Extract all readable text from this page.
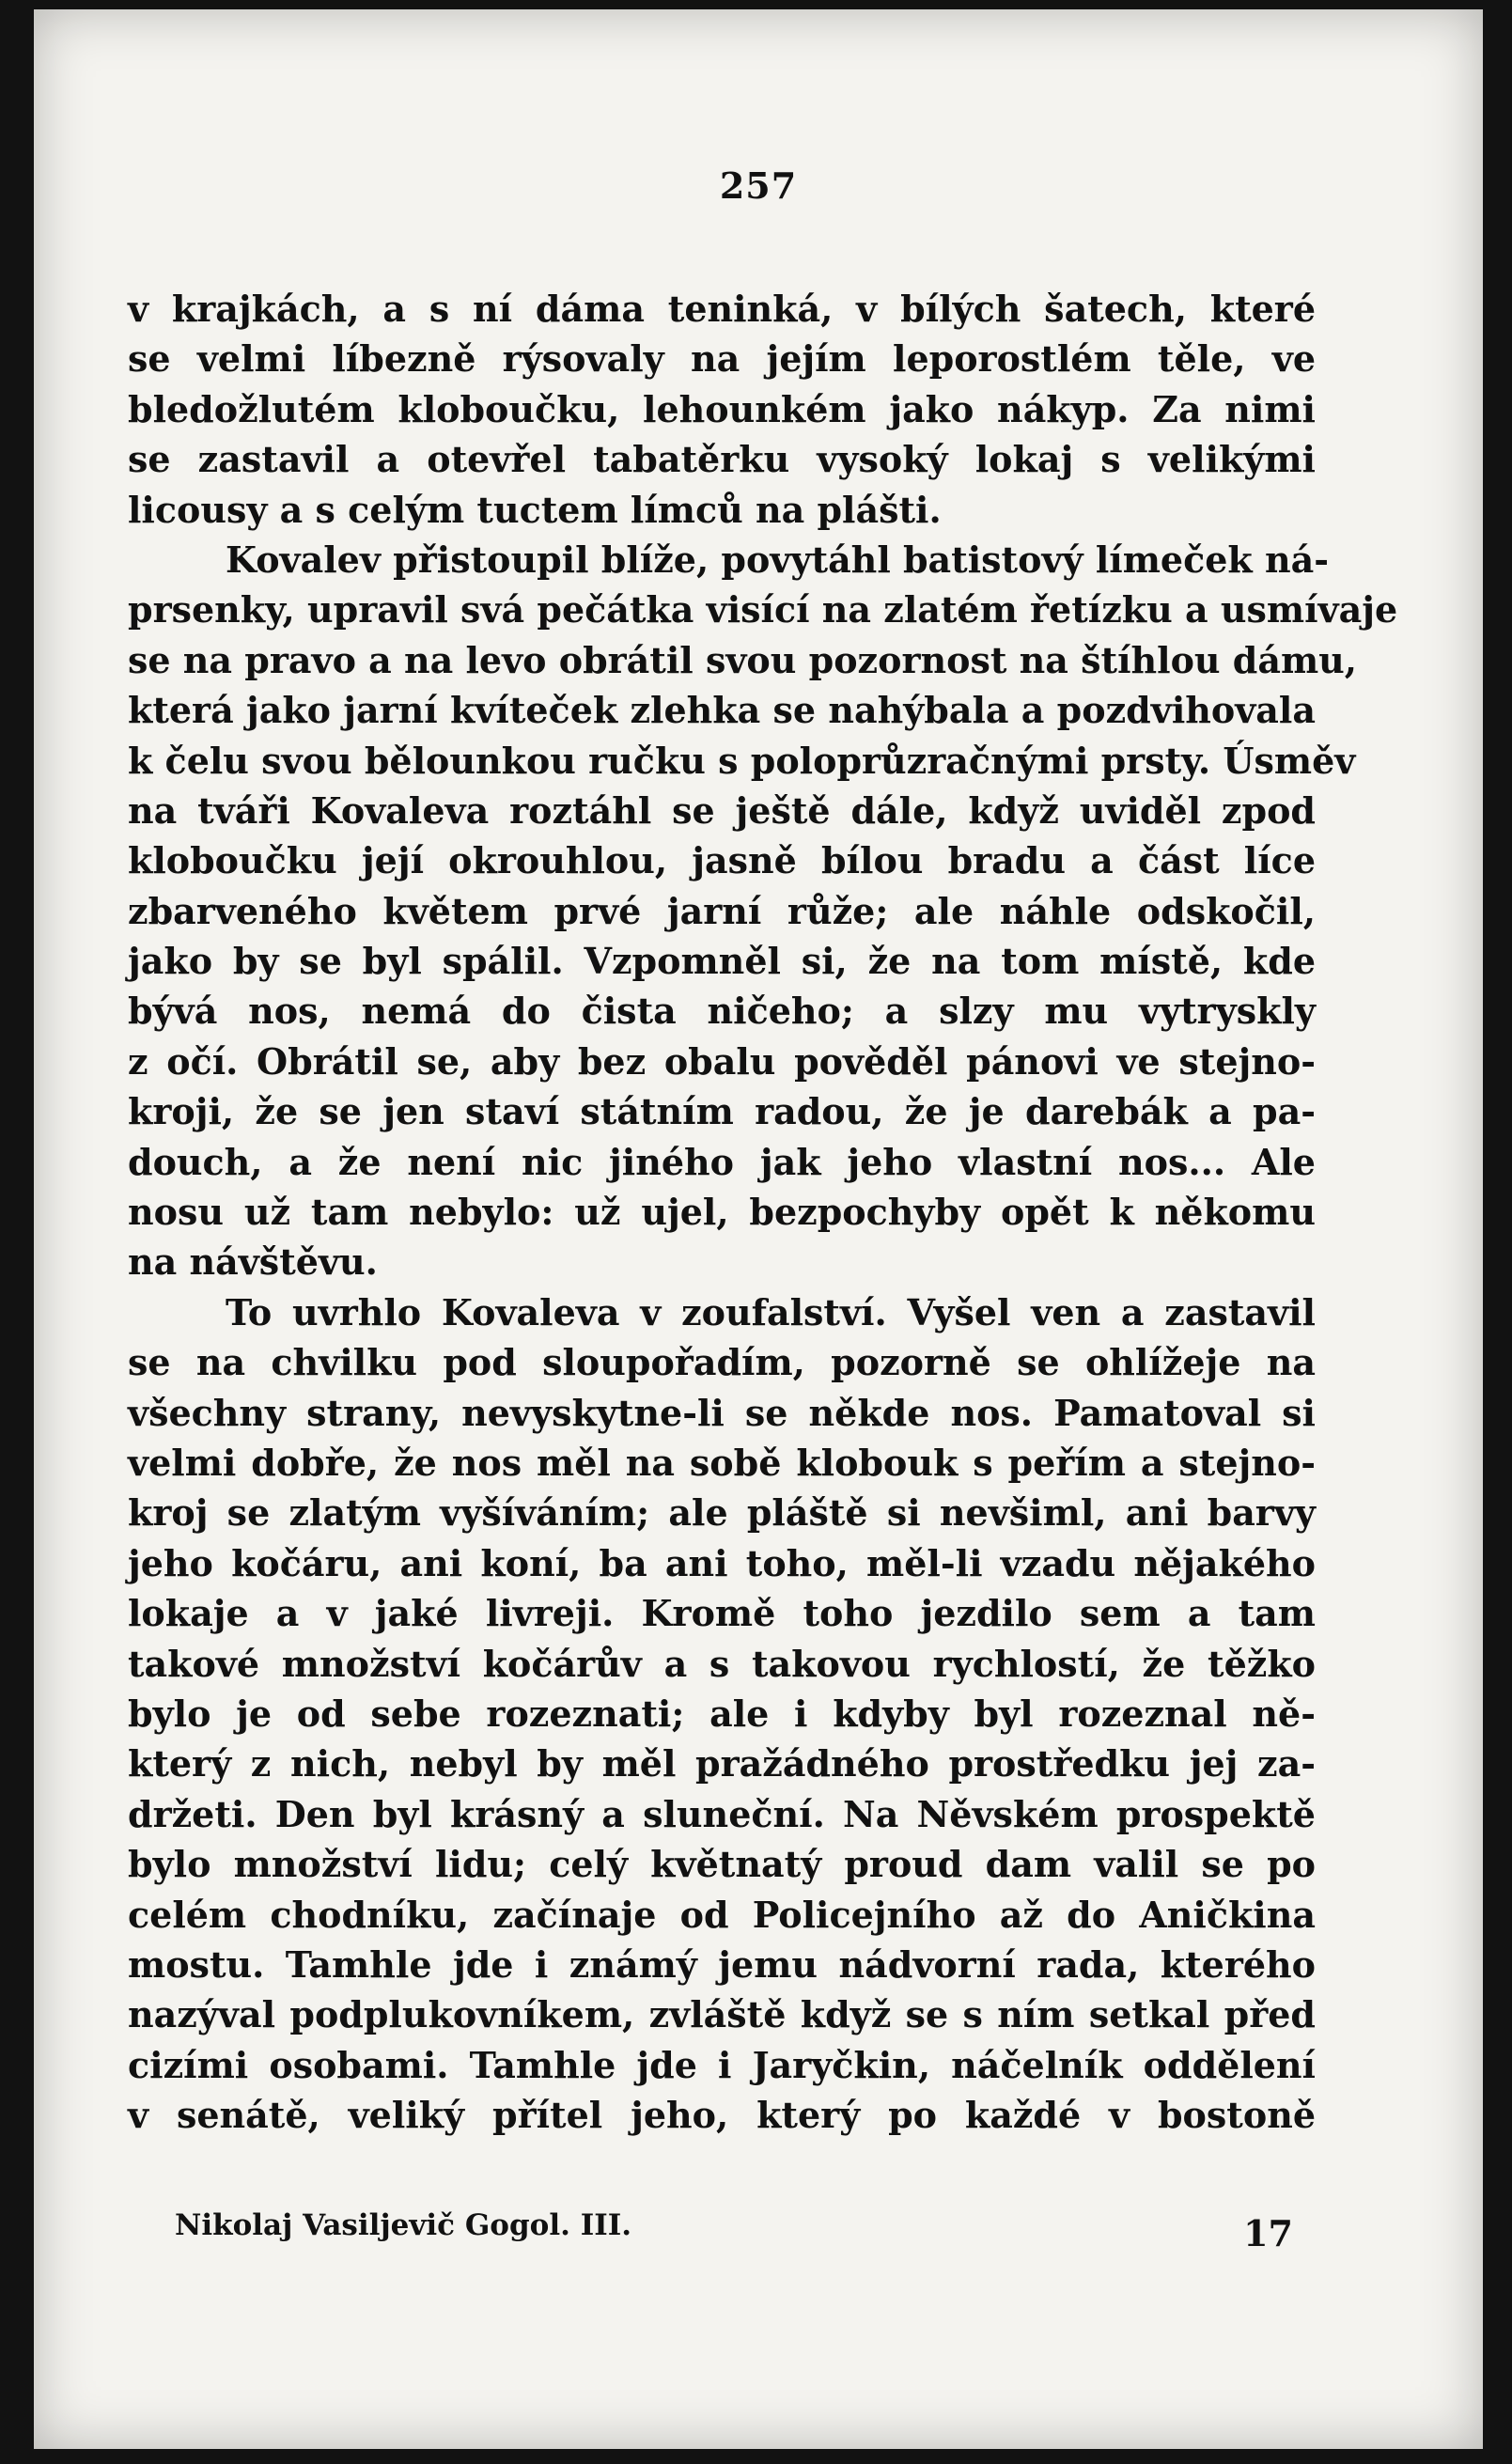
257
v krajkách, a s ní dáma teninká, v bílých šatech, které
se velmi líbezně rýsovaly na jejím leporostlém těle, ve
bledožlutém kloboučku, lehounkém jako nákyp. Za nimi
se zastavil a otevřel tabatěrku vysoký lokaj s velikými
licousy a s celým tuctem límců na plášti.
Kovalev přistoupil blíže, povytáhl batistový límeček ná-
prsenky, upravil svá pečátka visící na zlatém řetízku a usmívaje
se na pravo a na levo obrátil svou pozornost na štíhlou dámu,
která jako jarní kvíteček zlehka se nahýbala a pozdvihovala
k čelu svou bělounkou ručku s poloprůzračnými prsty. Úsměv
na tváři Kovaleva roztáhl se ještě dále, když uviděl zpod
kloboučku její okrouhlou, jasně bílou bradu a část líce
zbarveného květem prvé jarní růže; ale náhle odskočil,
jako by se byl spálil. Vzpomněl si, že na tom místě, kde
bývá nos, nemá do čista ničeho; a slzy mu vytryskly
z očí. Obrátil se, aby bez obalu pověděl pánovi ve stejno-
kroji, že se jen staví státním radou, že je darebák a pa-
douch, a že není nic jiného jak jeho vlastní nos... Ale
nosu už tam nebylo: už ujel, bezpochyby opět k někomu
na návštěvu.
To uvrhlo Kovaleva v zoufalství. Vyšel ven a zastavil
se na chvilku pod sloupořadím, pozorně se ohlížeje na
všechny strany, nevyskytne-li se někde nos. Pamatoval si
velmi dobře, že nos měl na sobě klobouk s peřím a stejno-
kroj se zlatým vyšíváním; ale pláště si nevšiml, ani barvy
jeho kočáru, ani koní, ba ani toho, měl-li vzadu nějakého
lokaje a v jaké livreji. Kromě toho jezdilo sem a tam
takové množství kočárův a s takovou rychlostí, že těžko
bylo je od sebe rozeznati; ale i kdyby byl rozeznal ně-
který z nich, nebyl by měl pražádného prostředku jej za-
držeti. Den byl krásný a sluneční. Na Něvském prospektě
bylo množství lidu; celý květnatý proud dam valil se po
celém chodníku, začínaje od Policejního až do Aničkina
mostu. Tamhle jde i známý jemu nádvorní rada, kterého
nazýval podplukovníkem, zvláště když se s ním setkal před
cizími osobami. Tamhle jde i Jaryčkin, náčelník oddělení
v senátě, veliký přítel jeho, který po každé v bostoně
Nikolaj Vasiljevič Gogol. III.	17
